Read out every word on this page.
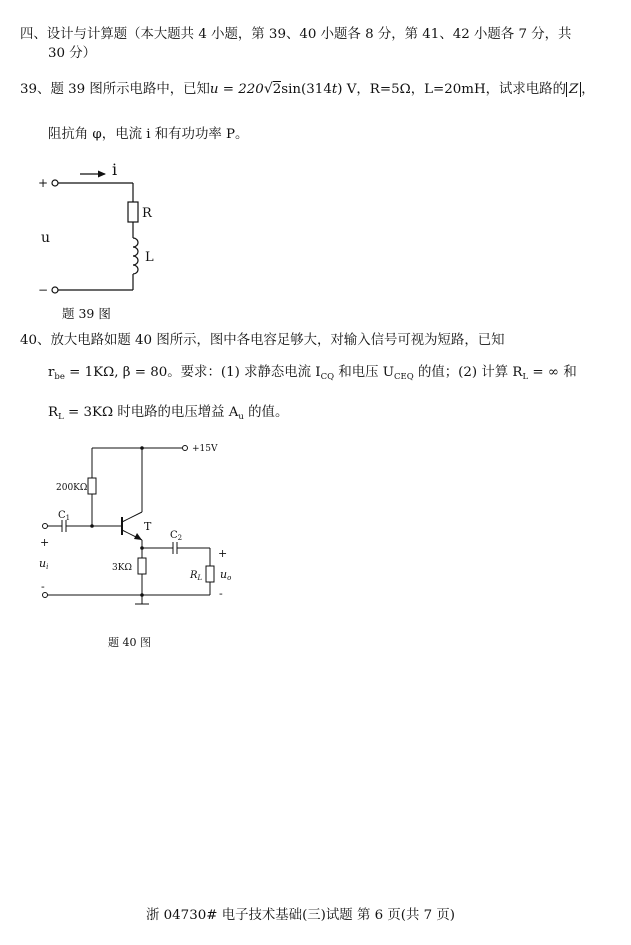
四、设计与计算题（本大题共 4 小题，第 39、40 小题各 8 分，第 41、42 小题各 7 分，共
30 分）
39、题 39 图所示电路中，已知u = 220√2sin(314t) V，R=5Ω，L=20mH，试求电路的 Z ，
阻抗角 φ，电流 i 和有功功率 P。
+
−
i
u
R
L
题 39 图
40、放大电路如题 40 图所示，图中各电容足够大，对输入信号可视为短路，已知
$r_{be} = 1K\Omega$, β = 80。要求：(1) 求静态电流 $I_{CQ}$ 和电压 $U_{CEQ}$ 的值；(2) 计算 $R_L$ = ∞ 和
$R_L = 3K\Omega$ 时电路的电压增益 $A_u$ 的值。
+15V
200KΩ
$C_1$
T
$C_2$
3KΩ
$R_L$
+
ui
-
+
uo
-
题 40 图
浙 04730# 电子技术基础(三)试题 第 6 页(共 7 页)
